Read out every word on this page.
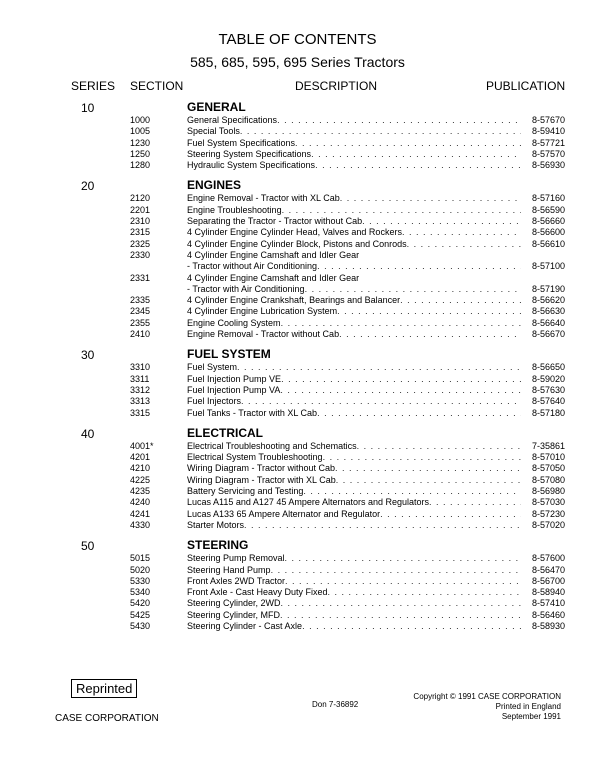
TABLE OF CONTENTS
585, 685, 595, 695 Series Tractors
SERIES SECTION	DESCRIPTION	PUBLICATION
10	GENERAL
1000	General Specifications . . .	8-57670
1005	Special Tools . . .	8-59410
1230	Fuel System Specifications . . .	8-57721
1250	Steering System Specifications . . .	8-57570
1280	Hydraulic System Specifications . . .	8-56930
20	ENGINES
2120	Engine Removal - Tractor with XL Cab . . .	8-57160
2201	Engine Troubleshooting . . .	8-56590
2310	Separating the Tractor - Tractor without Cab . . .	8-56660
2315	4 Cylinder Engine Cylinder Head, Valves and Rockers . . .	8-56600
2325	4 Cylinder Engine Cylinder Block, Pistons and Conrods . . .	8-56610
2330	4 Cylinder Engine Camshaft and Idler Gear
- Tractor without Air Conditioning . . .	8-57100
2331	4 Cylinder Engine Camshaft and Idler Gear
- Tractor with Air Conditioning . . .	8-57190
2335	4 Cylinder Engine Crankshaft, Bearings and Balancer . . .	8-56620
2345	4 Cylinder Engine Lubrication System . . .	8-56630
2355	Engine Cooling System . . .	8-56640
2410	Engine Removal - Tractor without Cab . . .	8-56670
30	FUEL SYSTEM
3310	Fuel System . . .	8-56650
3311	Fuel Injection Pump VE . . .	8-59020
3312	Fuel Injection Pump VA . . .	8-57630
3313	Fuel Injectors . . .	8-57640
3315	Fuel Tanks - Tractor with XL Cab . . .	8-57180
40	ELECTRICAL
4001*	Electrical Troubleshooting and Schematics . . .	7-35861
4201	Electrical System Troubleshooting . . .	8-57010
4210	Wiring Diagram - Tractor without Cab . . .	8-57050
4225	Wiring Diagram - Tractor with XL Cab . . .	8-57080
4235	Battery Servicing and Testing . . .	8-56980
4240	Lucas A115 and A127 45 Ampere Alternators and Regulators . . .	8-57030
4241	Lucas A133 65 Ampere Alternator and Regulator . . .	8-57230
4330	Starter Motors . . .	8-57020
50	STEERING
5015	Steering Pump Removal . . .	8-57600
5020	Steering Hand Pump . . .	8-56470
5330	Front Axles 2WD Tractor . . .	8-56700
5340	Front Axle - Cast Heavy Duty Fixed . . .	8-58940
5420	Steering Cylinder, 2WD . . .	8-57410
5425	Steering Cylinder, MFD . . .	8-56460
5430	Steering Cylinder - Cast Axle . . .	8-58930
Reprinted
CASE CORPORATION
Don 7-36892
Copyright © 1991 CASE CORPORATION
Printed in England
September 1991
